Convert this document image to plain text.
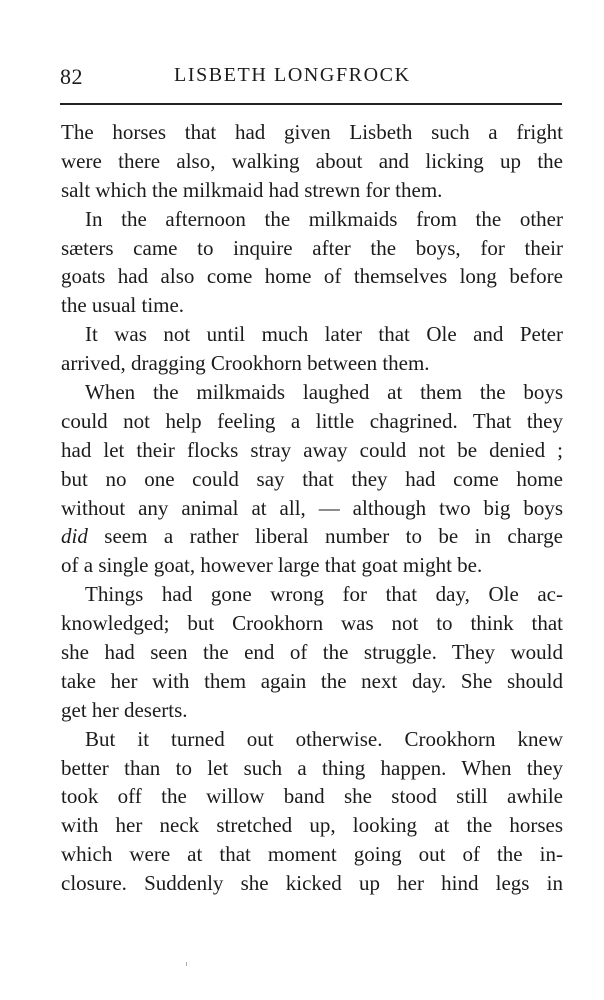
82	LISBETH LONGFROCK
The horses that had given Lisbeth such a fright
were there also, walking about and licking up the
salt which the milkmaid had strewn for them.
In the afternoon the milkmaids from the other
sæters came to inquire after the boys, for their
goats had also come home of themselves long before
the usual time.
It was not until much later that Ole and Peter
arrived, dragging Crookhorn between them.
When the milkmaids laughed at them the boys
could not help feeling a little chagrined. That they
had let their flocks stray away could not be denied ;
but no one could say that they had come home
without any animal at all, — although two big boys
did seem a rather liberal number to be in charge
of a single goat, however large that goat might be.
Things had gone wrong for that day, Ole ac-
knowledged; but Crookhorn was not to think that
she had seen the end of the struggle. They would
take her with them again the next day. She should
get her deserts.
But it turned out otherwise. Crookhorn knew
better than to let such a thing happen. When they
took off the willow band she stood still awhile
with her neck stretched up, looking at the horses
which were at that moment going out of the in-
closure. Suddenly she kicked up her hind legs in
